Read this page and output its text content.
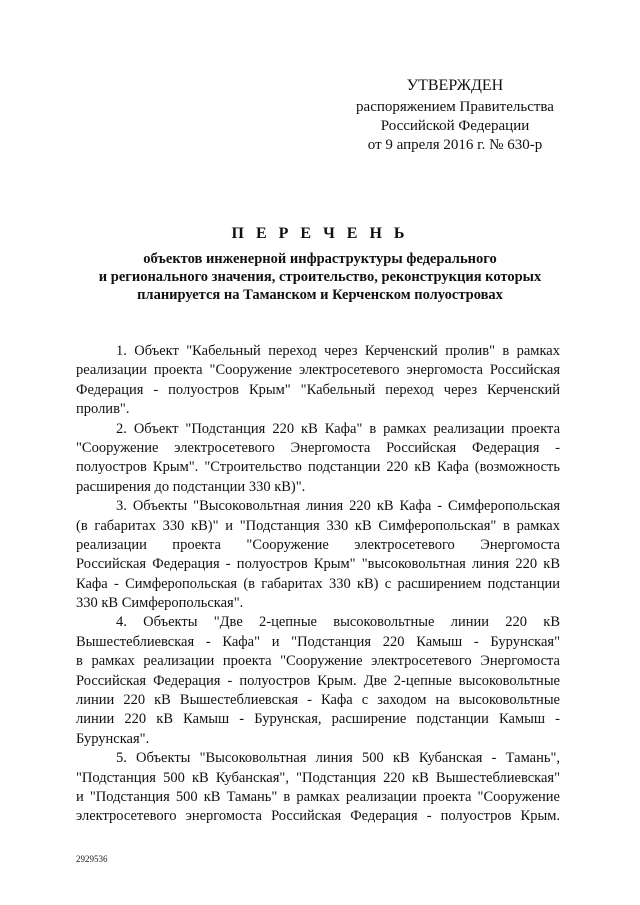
УТВЕРЖДЕН
распоряжением Правительства
Российской Федерации
от 9 апреля 2016 г. № 630-р
П Е Р Е Ч Е Н Ь
объектов инженерной инфраструктуры федерального
и регионального значения, строительство, реконструкция которых
планируется на Таманском и Керченском полуостровах
1. Объект "Кабельный переход через Керченский пролив" в рамках
реализации проекта "Сооружение электросетевого энергомоста Российская
Федерация - полуостров Крым" "Кабельный переход через Керченский
пролив".
2. Объект "Подстанция 220 кВ Кафа" в рамках реализации проекта
"Сооружение электросетевого Энергомоста Российская Федерация -
полуостров Крым". "Строительство подстанции 220 кВ Кафа (возможность
расширения до подстанции 330 кВ)".
3. Объекты "Высоковольтная линия 220 кВ Кафа - Симферопольская
(в габаритах 330 кВ)" и "Подстанция 330 кВ Симферопольская" в рамках
реализации проекта "Сооружение электросетевого Энергомоста
Российская Федерация - полуостров Крым" "высоковольтная линия 220 кВ
Кафа - Симферопольская (в габаритах 330 кВ) с расширением подстанции
330 кВ Симферопольская".
4. Объекты "Две 2-цепные высоковольтные линии 220 кВ
Вышестеблиевская - Кафа" и "Подстанция 220 Камыш - Бурунская"
в рамках реализации проекта "Сооружение электросетевого Энергомоста
Российская Федерация - полуостров Крым. Две 2-цепные высоковольтные
линии 220 кВ Вышестеблиевская - Кафа с заходом на высоковольтные
линии 220 кВ Камыш - Бурунская, расширение подстанции Камыш -
Бурунская".
5. Объекты "Высоковольтная линия 500 кВ Кубанская - Тамань",
"Подстанция 500 кВ Кубанская", "Подстанция 220 кВ Вышестеблиевская"
и "Подстанция 500 кВ Тамань" в рамках реализации проекта "Сооружение
электросетевого энергомоста Российская Федерация - полуостров Крым.
2929536
